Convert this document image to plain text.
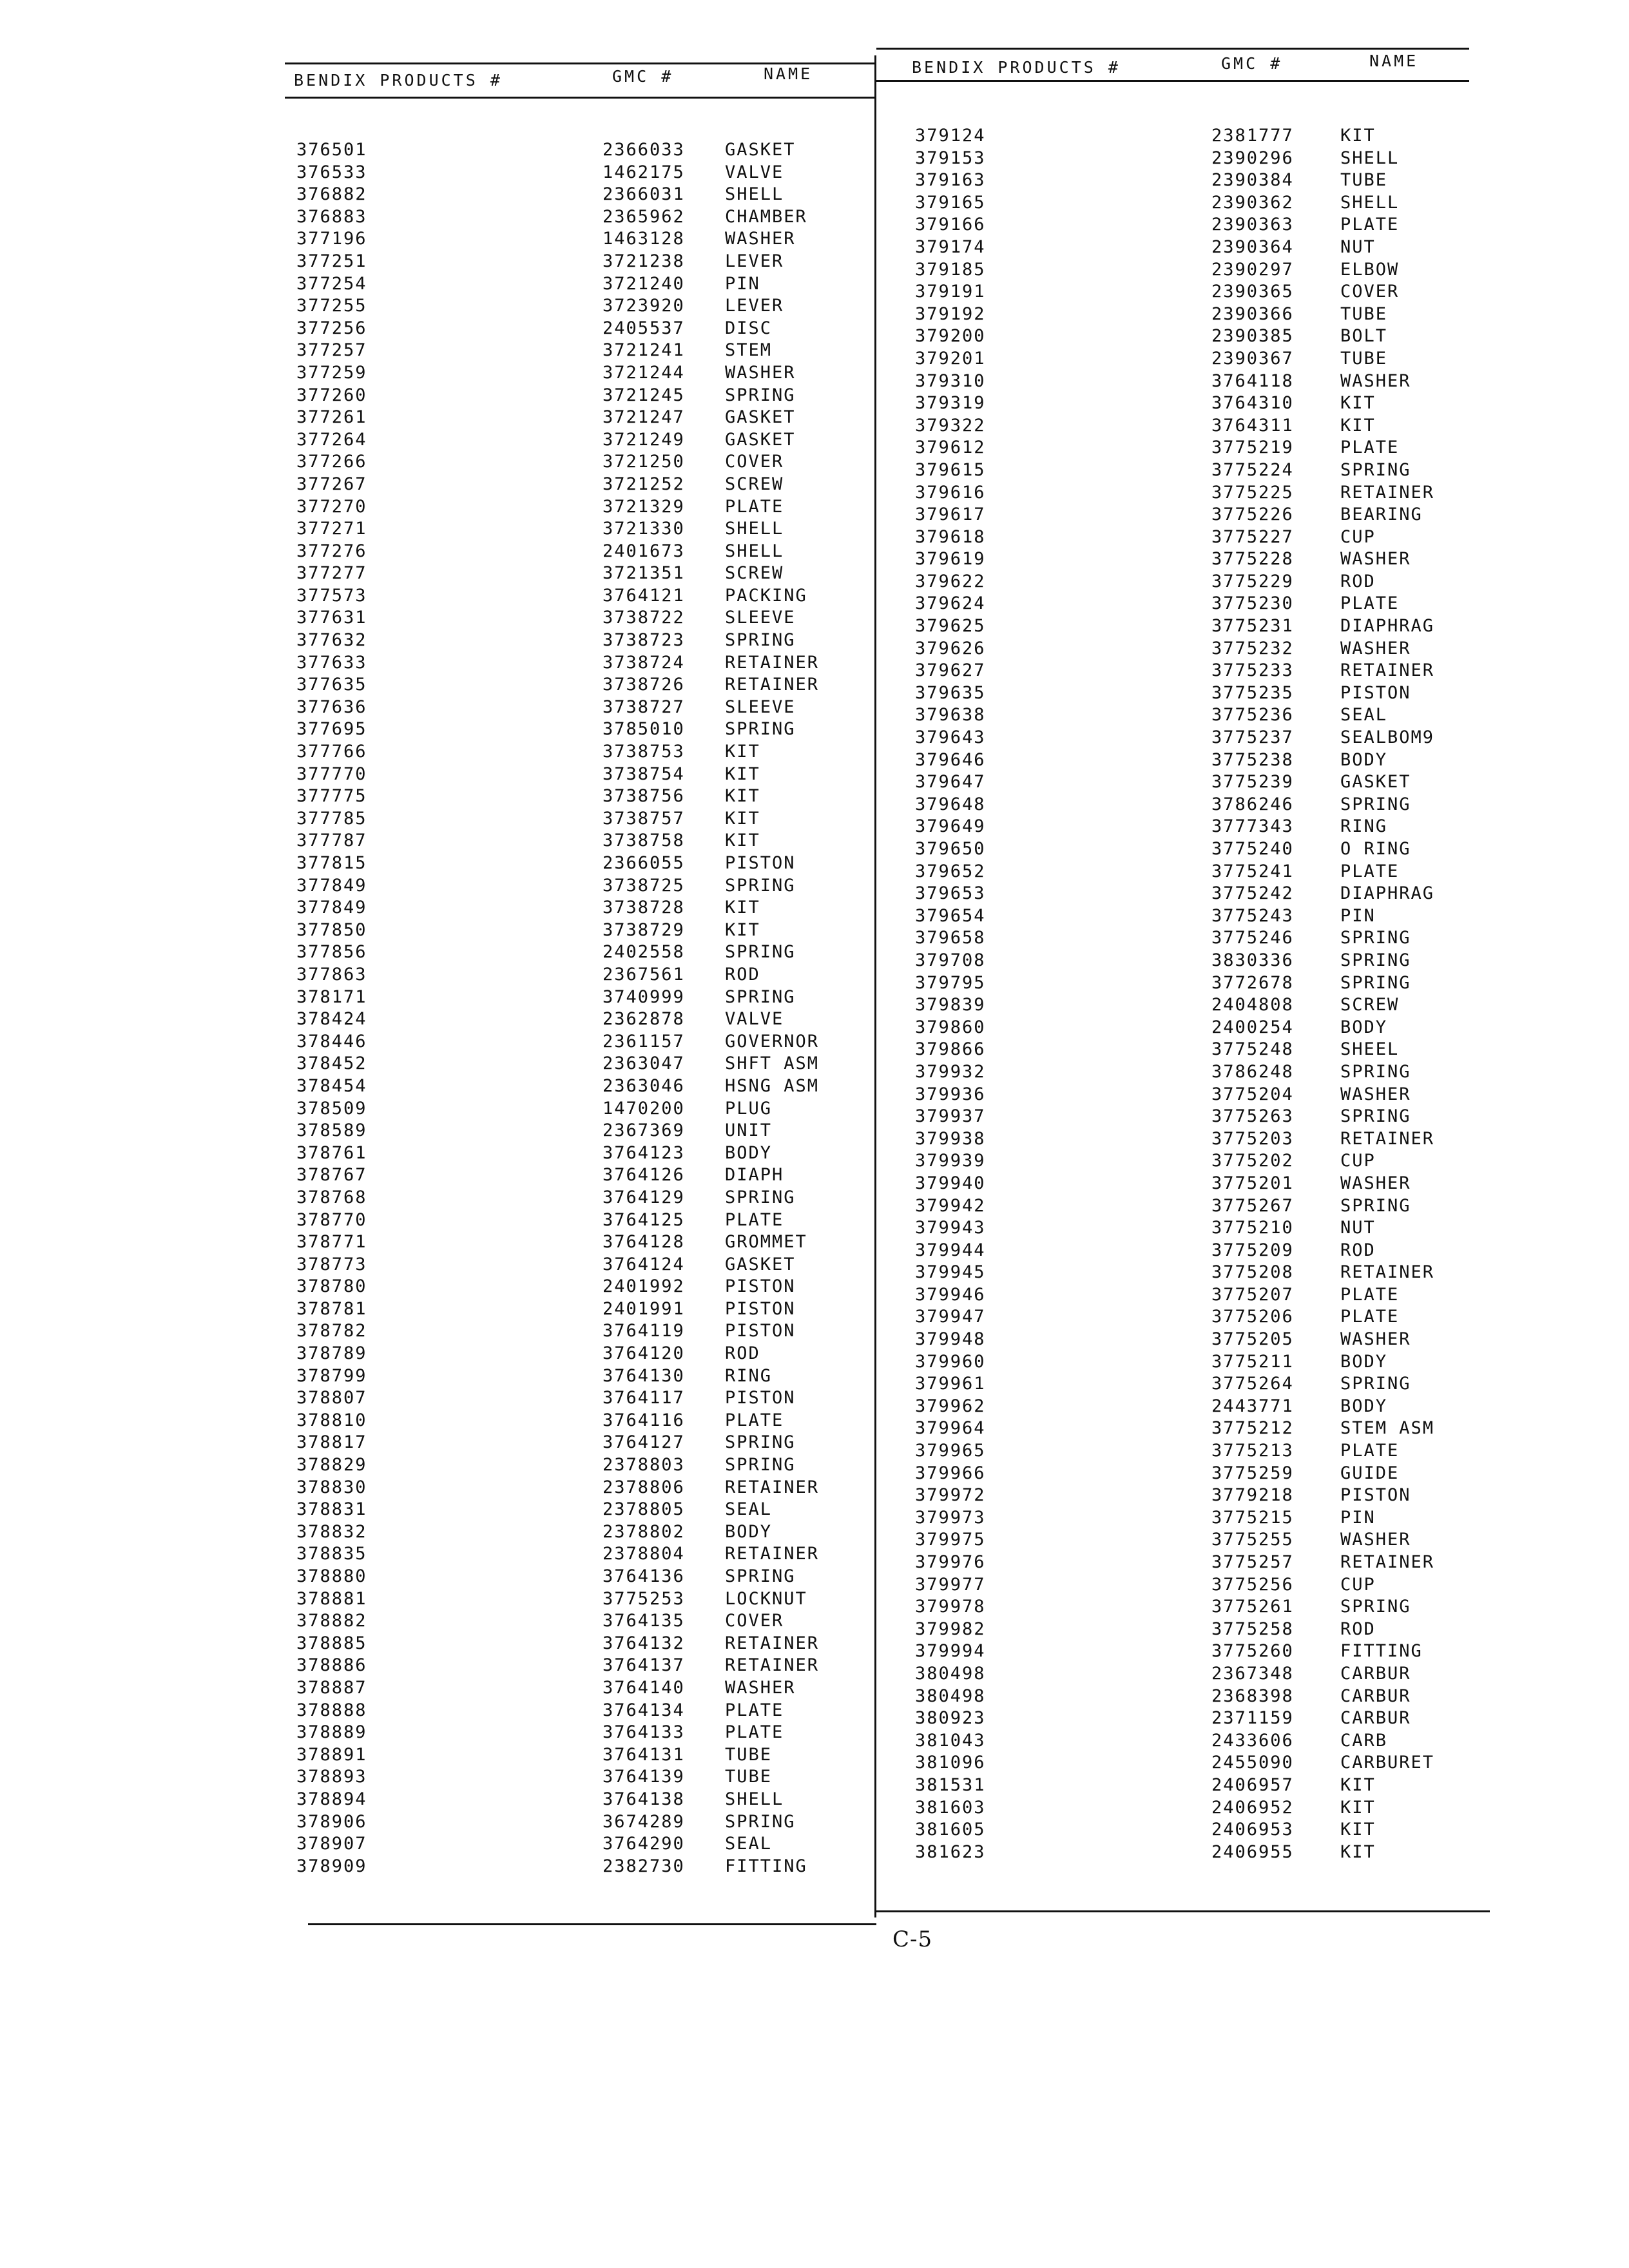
BENDIX PRODUCTS #	GMC #	NAME	BENDIX PRODUCTS #	GMC #	NAME
376501	2366033 GASKET
376533	1462175 VALVE
376882	2366031 SHELL
376883	2365962 CHAMBER
377196	1463128 WASHER
377251	3721238 LEVER
377254	3721240 PIN
377255	3723920 LEVER
377256	2405537 DISC
377257	3721241 STEM
377259	3721244 WASHER
377260	3721245 SPRING
377261	3721247 GASKET
377264	3721249 GASKET
377266	3721250 COVER
377267	3721252 SCREW
377270	3721329 PLATE
377271	3721330 SHELL
377276	2401673 SHELL
377277	3721351 SCREW
377573	3764121 PACKING
377631	3738722 SLEEVE
377632	3738723 SPRING
377633	3738724 RETAINER
377635	3738726 RETAINER
377636	3738727 SLEEVE
377695	3785010 SPRING
377766	3738753 KIT
377770	3738754 KIT
377775	3738756 KIT
377785	3738757 KIT
377787	3738758 KIT
377815	2366055 PISTON
377849	3738725 SPRING
377849	3738728 KIT
377850	3738729 KIT
377856	2402558 SPRING
377863	2367561 ROD
378171	3740999 SPRING
378424	2362878 VALVE
378446	2361157 GOVERNOR
378452	2363047 SHFT ASM
378454	2363046 HSNG ASM
378509	1470200 PLUG
378589	2367369 UNIT
378761	3764123 BODY
378767	3764126 DIAPH
378768	3764129 SPRING
378770	3764125 PLATE
378771	3764128 GROMMET
378773	3764124 GASKET
378780	2401992 PISTON
378781	2401991 PISTON
378782	3764119 PISTON
378789	3764120 ROD
378799	3764130 RING
378807	3764117 PISTON
378810	3764116 PLATE
378817	3764127 SPRING
378829	2378803 SPRING
378830	2378806 RETAINER
378831	2378805 SEAL
378832	2378802 BODY
378835	2378804 RETAINER
378880	3764136 SPRING
378881	3775253 LOCKNUT
378882	3764135 COVER
378885	3764132 RETAINER
378886	3764137 RETAINER
378887	3764140 WASHER
378888	3764134 PLATE
378889	3764133 PLATE
378891	3764131 TUBE
378893	3764139 TUBE
378894	3764138 SHELL
378906	3674289 SPRING
378907	3764290 SEAL
378909	2382730 FITTING
379124	2381777	KIT
379153	2390296	SHELL
379163	2390384	TUBE
379165	2390362	SHELL
379166	2390363	PLATE
379174	2390364	NUT
379185	2390297	ELBOW
379191	2390365	COVER
379192	2390366	TUBE
379200	2390385	BOLT
379201	2390367	TUBE
379310	3764118	WASHER
379319	3764310	KIT
379322	3764311	KIT
379612	3775219	PLATE
379615	3775224	SPRING
379616	3775225	RETAINER
379617	3775226	BEARING
379618	3775227	CUP
379619	3775228	WASHER
379622	3775229	ROD
379624	3775230	PLATE
379625	3775231	DIAPHRAG
379626	3775232	WASHER
379627	3775233	RETAINER
379635	3775235	PISTON
379638	3775236	SEAL
379643	3775237	SEALBOM9
379646	3775238	BODY
379647	3775239	GASKET
379648	3786246	SPRING
379649	3777343	RING
379650	3775240	O RING
379652	3775241	PLATE
379653	3775242	DIAPHRAG
379654	3775243	PIN
379658	3775246	SPRING
379708	3830336	SPRING
379795	3772678	SPRING
379839	2404808	SCREW
379860	2400254	BODY
379866	3775248	SHEEL
379932	3786248	SPRING
379936	3775204	WASHER
379937	3775263	SPRING
379938	3775203	RETAINER
379939	3775202	CUP
379940	3775201	WASHER
379942	3775267	SPRING
379943	3775210	NUT
379944	3775209	ROD
379945	3775208	RETAINER
379946	3775207	PLATE
379947	3775206	PLATE
379948	3775205	WASHER
379960	3775211	BODY
379961	3775264	SPRING
379962	2443771	BODY
379964	3775212	STEM ASM
379965	3775213	PLATE
379966	3775259	GUIDE
379972	3779218	PISTON
379973	3775215	PIN
379975	3775255	WASHER
379976	3775257	RETAINER
379977	3775256	CUP
379978	3775261	SPRING
379982	3775258	ROD
379994	3775260	FITTING
380498	2367348	CARBUR
380498	2368398	CARBUR
380923	2371159	CARBUR
381043	2433606	CARB
381096	2455090	CARBURET
381531	2406957	KIT
381603	2406952	KIT
381605	2406953	KIT
381623	2406955	KIT
C-5
